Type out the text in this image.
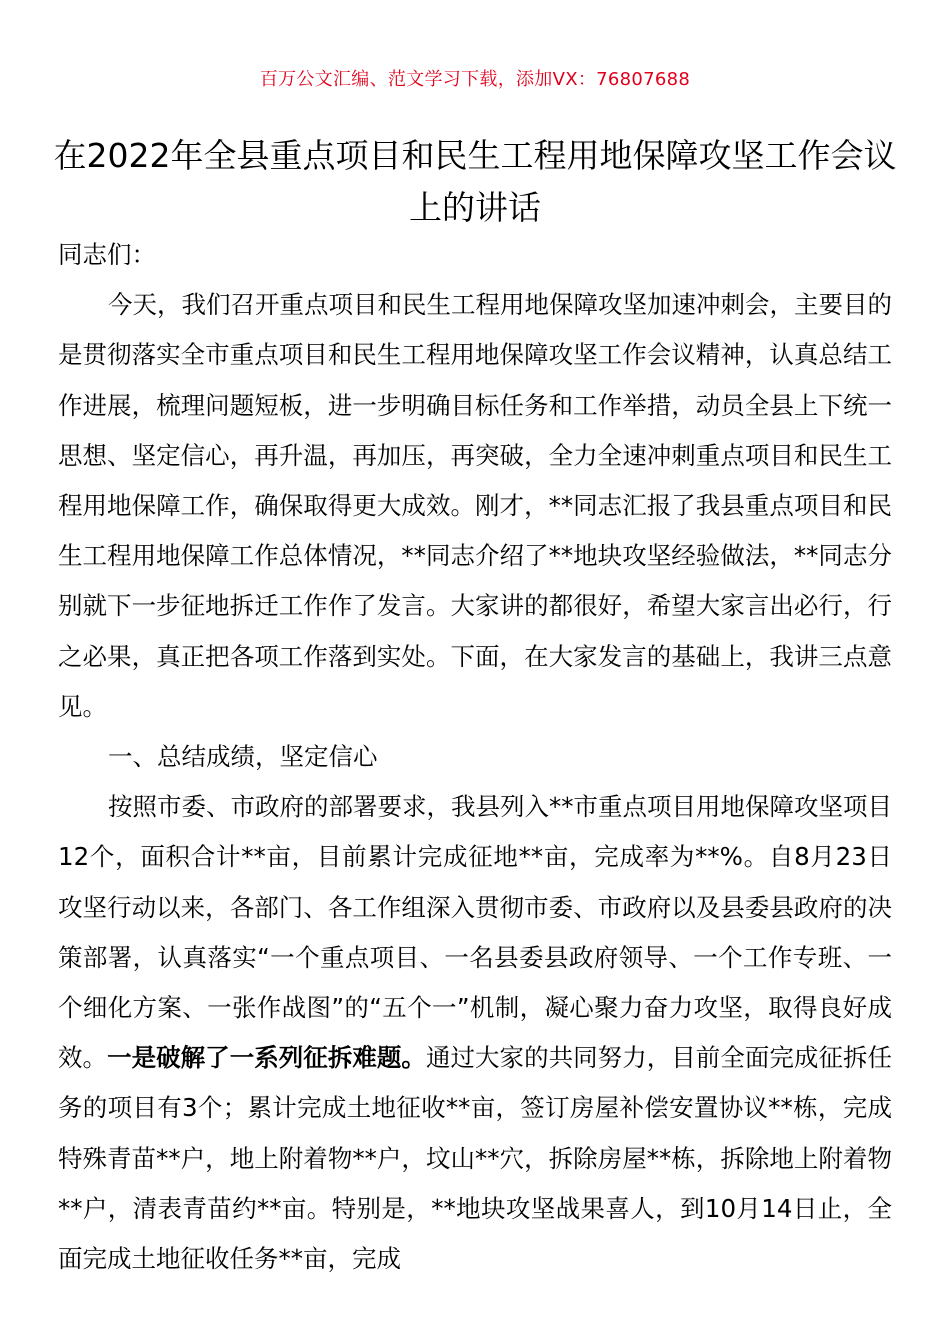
百万公文汇编、范文学习下载，添加VX：76807688
在2022年全县重点项目和民生工程用地保障攻坚工作会议上的讲话

同志们：

今天，我们召开重点项目和民生工程用地保障攻坚加速冲刺会，主要目的是贯彻落实全市重点项目和民生工程用地保障攻坚工作会议精神，认真总结工作进展，梳理问题短板，进一步明确目标任务和工作举措，动员全县上下统一思想、坚定信心，再升温，再加压，再突破，全力全速冲刺重点项目和民生工程用地保障工作，确保取得更大成效。刚才，**同志汇报了我县重点项目和民生工程用地保障工作总体情况，**同志介绍了**地块攻坚经验做法，**同志分别就下一步征地拆迁工作作了发言。大家讲的都很好，希望大家言出必行，行之必果，真正把各项工作落到实处。下面，在大家发言的基础上，我讲三点意见。

一、总结成绩，坚定信心

按照市委、市政府的部署要求，我县列入**市重点项目用地保障攻坚项目12个，面积合计**亩，目前累计完成征地**亩，完成率为**%。自8月23日攻坚行动以来，各部门、各工作组深入贯彻市委、市政府以及县委县政府的决策部署，认真落实“一个重点项目、一名县委县政府领导、一个工作专班、一个细化方案、一张作战图”的“五个一”机制，凝心聚力奋力攻坚，取得良好成效。一是破解了一系列征拆难题。通过大家的共同努力，目前全面完成征拆任务的项目有3个；累计完成土地征收**亩，签订房屋补偿安置协议**栋，完成特殊青苗**户，地上附着物**户，坟山**穴，拆除房屋**栋，拆除地上附着物**户，清表青苗约**亩。特别是，**地块攻坚战果喜人，到10月14日止，全面完成土地征收任务**亩，完成
